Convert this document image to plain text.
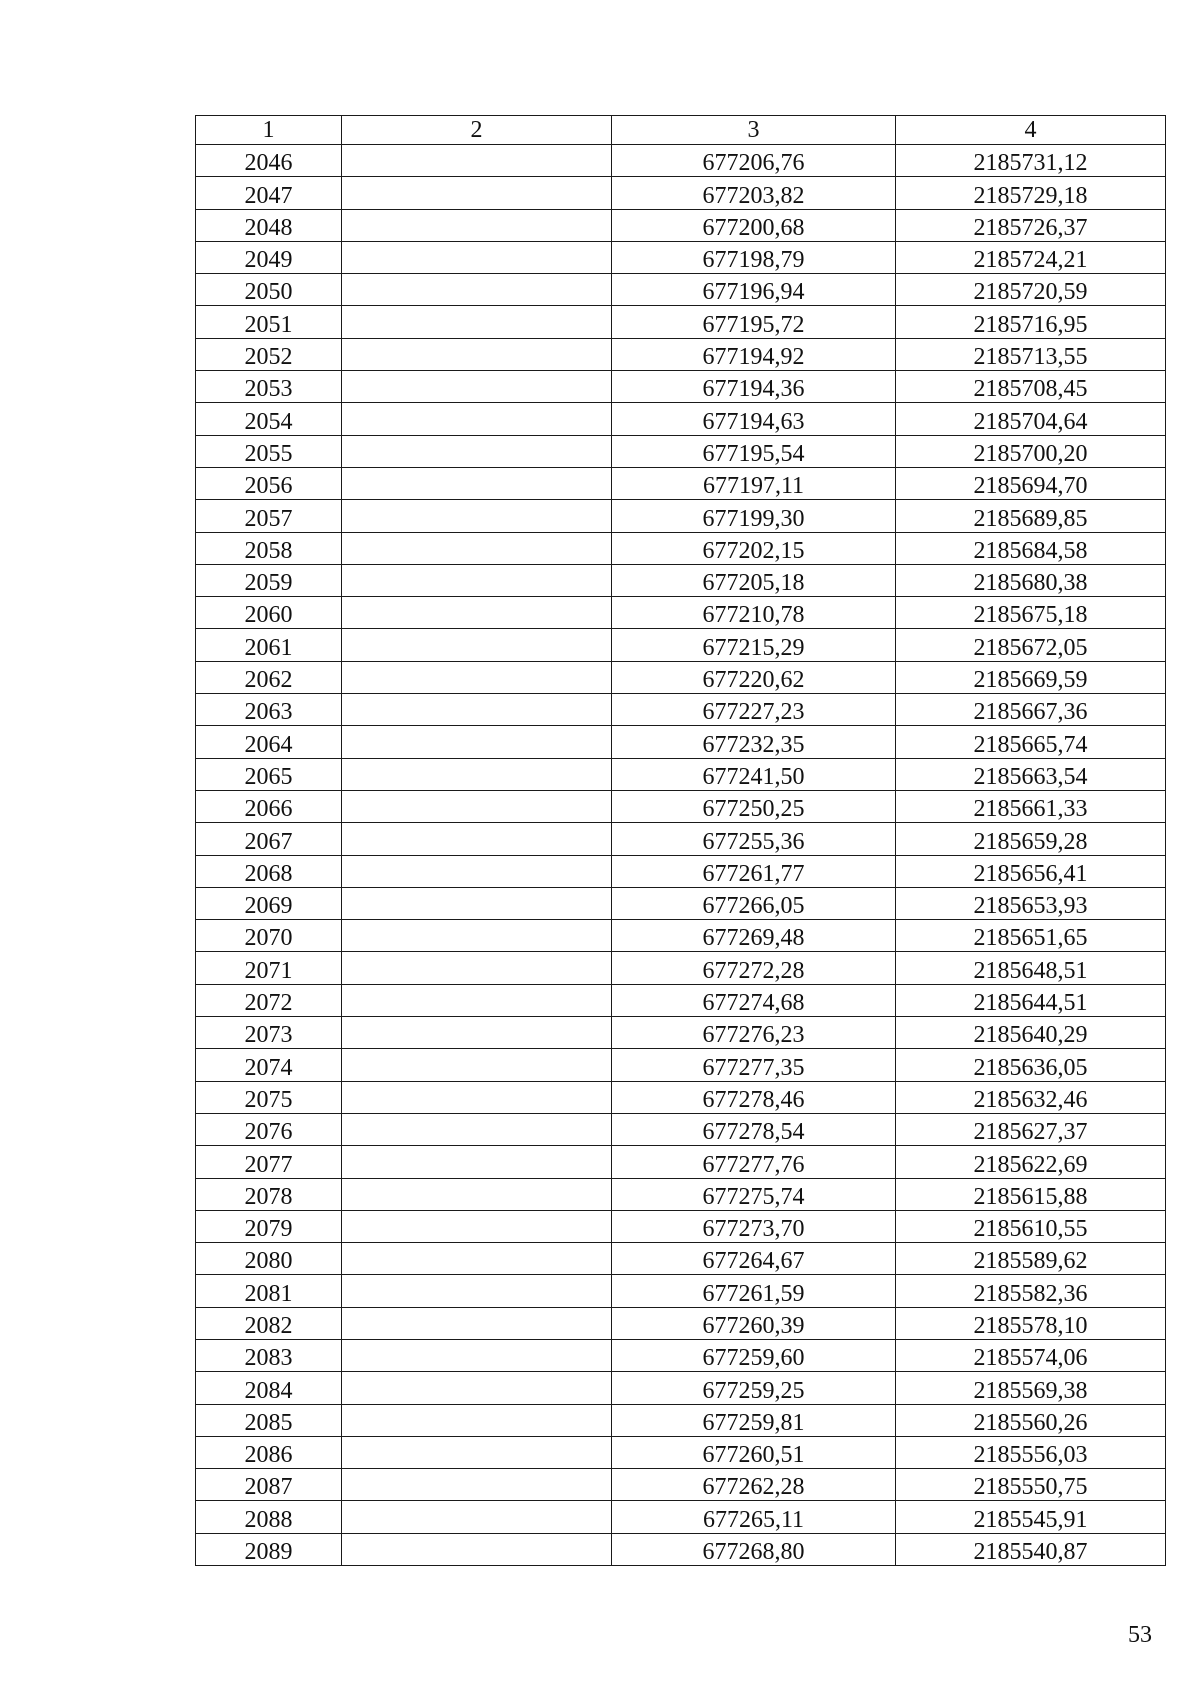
1	2	3	4
2046		677206,76	2185731,12
2047		677203,82	2185729,18
2048		677200,68	2185726,37
2049		677198,79	2185724,21
2050		677196,94	2185720,59
2051		677195,72	2185716,95
2052		677194,92	2185713,55
2053		677194,36	2185708,45
2054		677194,63	2185704,64
2055		677195,54	2185700,20
2056		677197,11	2185694,70
2057		677199,30	2185689,85
2058		677202,15	2185684,58
2059		677205,18	2185680,38
2060		677210,78	2185675,18
2061		677215,29	2185672,05
2062		677220,62	2185669,59
2063		677227,23	2185667,36
2064		677232,35	2185665,74
2065		677241,50	2185663,54
2066		677250,25	2185661,33
2067		677255,36	2185659,28
2068		677261,77	2185656,41
2069		677266,05	2185653,93
2070		677269,48	2185651,65
2071		677272,28	2185648,51
2072		677274,68	2185644,51
2073		677276,23	2185640,29
2074		677277,35	2185636,05
2075		677278,46	2185632,46
2076		677278,54	2185627,37
2077		677277,76	2185622,69
2078		677275,74	2185615,88
2079		677273,70	2185610,55
2080		677264,67	2185589,62
2081		677261,59	2185582,36
2082		677260,39	2185578,10
2083		677259,60	2185574,06
2084		677259,25	2185569,38
2085		677259,81	2185560,26
2086		677260,51	2185556,03
2087		677262,28	2185550,75
2088		677265,11	2185545,91
2089		677268,80	2185540,87
53
